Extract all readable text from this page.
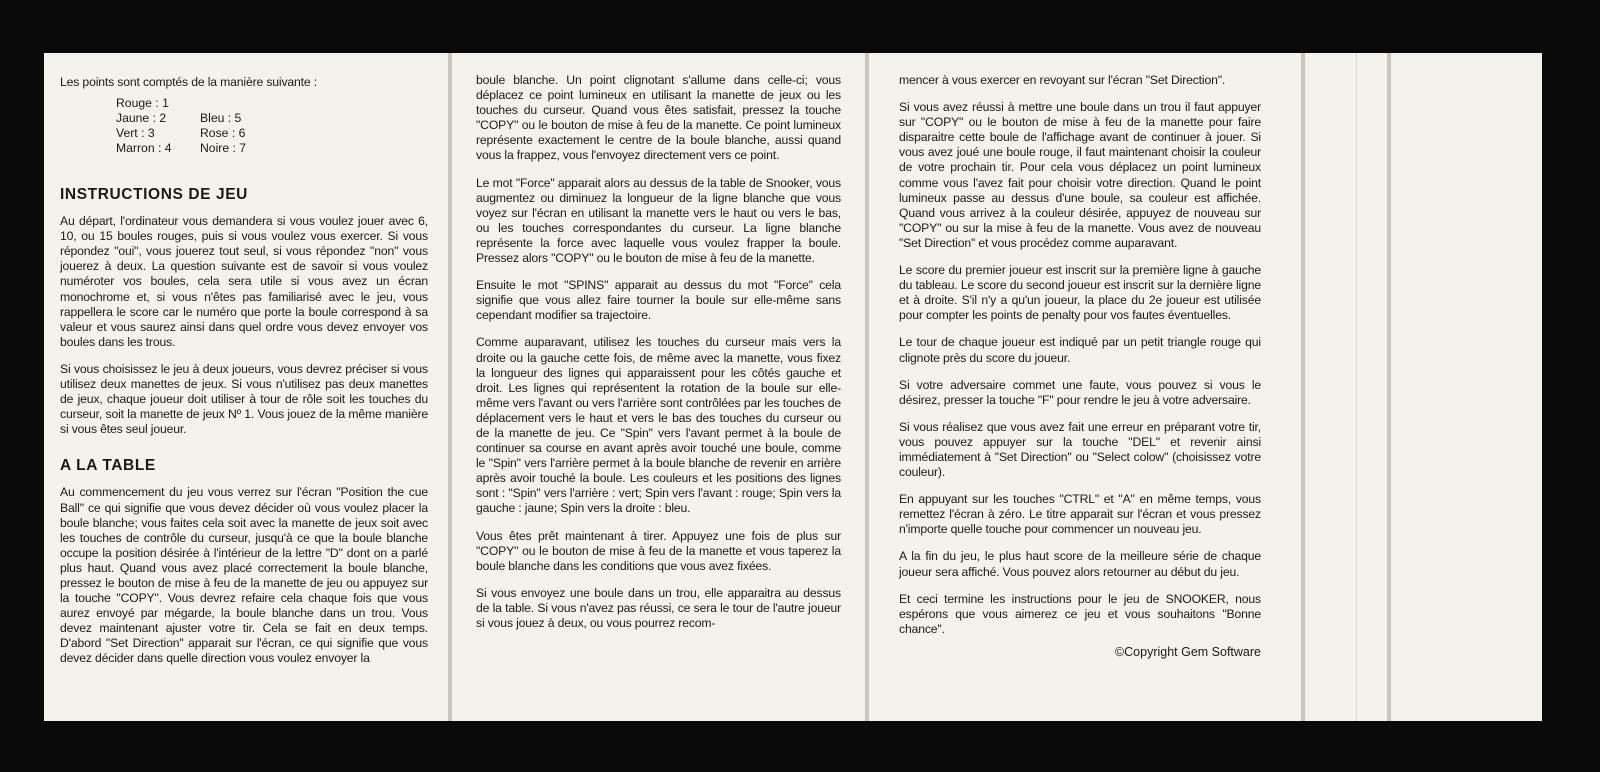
Les points sont comptés de la manière suivante :

Rouge : 1
Jaune : 2	Bleu : 5
Vert : 3	Rose : 6
Marron : 4	Noire : 7
INSTRUCTIONS DE JEU

Au départ, l'ordinateur vous demandera si vous voulez jouer avec 6, 10, ou 15 boules rouges, puis si vous voulez vous exercer. Si vous répondez "oui", vous jouerez tout seul, si vous répondez "non" vous jouerez à deux. La question suivante est de savoir si vous voulez numéroter vos boules, cela sera utile si vous avez un écran monochrome et, si vous n'êtes pas familiarisé avec le jeu, vous rappellera le score car le numéro que porte la boule correspond à sa valeur et vous saurez ainsi dans quel ordre vous devez envoyer vos boules dans les trous.

Si vous choisissez le jeu à deux joueurs, vous devrez préciser si vous utilisez deux manettes de jeux. Si vous n'utilisez pas deux manettes de jeux, chaque joueur doit utiliser à tour de rôle soit les touches du curseur, soit la manette de jeux Nº 1. Vous jouez de la même manière si vous êtes seul joueur.

A LA TABLE

Au commencement du jeu vous verrez sur l'écran "Position the cue Ball" ce qui signifie que vous devez décider où vous voulez placer la boule blanche; vous faites cela soit avec la manette de jeux soit avec les touches de contrôle du curseur, jusqu'à ce que la boule blanche occupe la position désirée à l'intérieur de la lettre "D" dont on a parlé plus haut. Quand vous avez placé correctement la boule blanche, pressez le bouton de mise à feu de la manette de jeu ou appuyez sur la touche "COPY". Vous devrez refaire cela chaque fois que vous aurez envoyé par mégarde, la boule blanche dans un trou. Vous devez maintenant ajuster votre tir. Cela se fait en deux temps. D'abord "Set Direction" apparait sur l'écran, ce qui signifie que vous devez décider dans quelle direction vous voulez envoyer la

boule blanche. Un point clignotant s'allume dans celle-ci; vous déplacez ce point lumineux en utilisant la manette de jeux ou les touches du curseur. Quand vous êtes satisfait, pressez la touche "COPY" ou le bouton de mise à feu de la manette. Ce point lumineux représente exactement le centre de la boule blanche, aussi quand vous la frappez, vous l'envoyez directement vers ce point.

Le mot "Force" apparait alors au dessus de la table de Snooker, vous augmentez ou diminuez la longueur de la ligne blanche que vous voyez sur l'écran en utilisant la manette vers le haut ou vers le bas, ou les touches correspondantes du curseur. La ligne blanche représente la force avec laquelle vous voulez frapper la boule. Pressez alors "COPY" ou le bouton de mise à feu de la manette.

Ensuite le mot "SPINS" apparait au dessus du mot "Force" cela signifie que vous allez faire tourner la boule sur elle-même sans cependant modifier sa trajectoire.

Comme auparavant, utilisez les touches du curseur mais vers la droite ou la gauche cette fois, de même avec la manette, vous fixez la longueur des lignes qui apparaissent pour les côtés gauche et droit. Les lignes qui représentent la rotation de la boule sur elle-même vers l'avant ou vers l'arrière sont contrôlées par les touches de déplacement vers le haut et vers le bas des touches du curseur ou de la manette de jeu. Ce "Spin" vers l'avant permet à la boule de continuer sa course en avant après avoir touché une boule, comme le "Spin" vers l'arrière permet à la boule blanche de revenir en arrière après avoir touché la boule. Les couleurs et les positions des lignes sont : "Spin" vers l'arrière : vert; Spin vers l'avant : rouge; Spin vers la gauche : jaune; Spin vers la droite : bleu.

Vous êtes prêt maintenant à tirer. Appuyez une fois de plus sur "COPY" ou le bouton de mise à feu de la manette et vous taperez la boule blanche dans les conditions que vous avez fixées.

Si vous envoyez une boule dans un trou, elle apparaitra au dessus de la table. Si vous n'avez pas réussi, ce sera le tour de l'autre joueur si vous jouez à deux, ou vous pourrez recom-

mencer à vous exercer en revoyant sur l'écran "Set Direction".

Si vous avez réussi à mettre une boule dans un trou il faut appuyer sur "COPY" ou le bouton de mise à feu de la manette pour faire disparaitre cette boule de l'affichage avant de continuer à jouer. Si vous avez joué une boule rouge, il faut maintenant choisir la couleur de votre prochain tir. Pour cela vous déplacez un point lumineux comme vous l'avez fait pour choisir votre direction. Quand le point lumineux passe au dessus d'une boule, sa couleur est affichée. Quand vous arrivez à la couleur désirée, appuyez de nouveau sur "COPY" ou sur la mise à feu de la manette. Vous avez de nouveau "Set Direction" et vous procédez comme auparavant.

Le score du premier joueur est inscrit sur la première ligne à gauche du tableau. Le score du second joueur est inscrit sur la dernière ligne et à droite. S'il n'y a qu'un joueur, la place du 2e joueur est utilisée pour compter les points de penalty pour vos fautes éventuelles.

Le tour de chaque joueur est indiqué par un petit triangle rouge qui clignote près du score du joueur.

Si votre adversaire commet une faute, vous pouvez si vous le désirez, presser la touche "F" pour rendre le jeu à votre adversaire.

Si vous réalisez que vous avez fait une erreur en préparant votre tir, vous pouvez appuyer sur la touche "DEL" et revenir ainsi immédiatement à "Set Direction" ou "Select colow" (choisissez votre couleur).

En appuyant sur les touches "CTRL" et "A" en même temps, vous remettez l'écran à zéro. Le titre apparait sur l'écran et vous pressez n'importe quelle touche pour commencer un nouveau jeu.

A la fin du jeu, le plus haut score de la meilleure série de chaque joueur sera affiché. Vous pouvez alors retourner au début du jeu.

Et ceci termine les instructions pour le jeu de SNOOKER, nous espérons que vous aimerez ce jeu et vous souhaitons "Bonne chance".

©Copyright Gem Software
